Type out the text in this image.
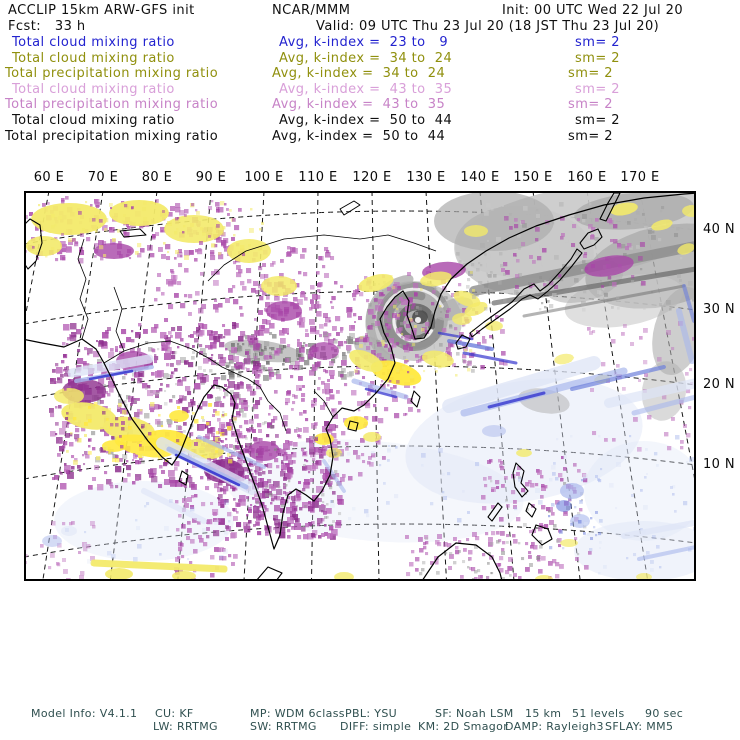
ACCLIP 15km ARW-GFS init	NCAR/MMM	Init: 00 UTC Wed 22 Jul 20
Fcst:   33 h	Valid: 09 UTC Thu 23 Jul 20 (18 JST Thu 23 Jul 20)
Total cloud mixing ratio	Avg, k-index =  23 to   9	sm= 2
Total cloud mixing ratio	Avg, k-index =  34 to  24	sm= 2
Total precipitation mixing ratio	Avg, k-index =  34 to  24	sm= 2
Total cloud mixing ratio	Avg, k-index =  43 to  35	sm= 2
Total precipitation mixing ratio	Avg, k-index =  43 to  35	sm= 2
Total cloud mixing ratio	Avg, k-index =  50 to  44	sm= 2
Total precipitation mixing ratio	Avg, k-index =  50 to  44	sm= 2
60 E 70 E 80 E 90 E 100 E 110 E 120 E 130 E 140 E 150 E 160 E 170 E
40 N
30 N
20 N
10 N
Model Info: V4.1.1 CU: KF	MP: WDM 6class PBL: YSU	SF: Noah LSM 15 km 51 levels 90 sec
LW: RRTMG	SW: RRTMG DIFF: simple KM: 2D Smagor
DAMP: Rayleigh3 SFLAY: MM5
